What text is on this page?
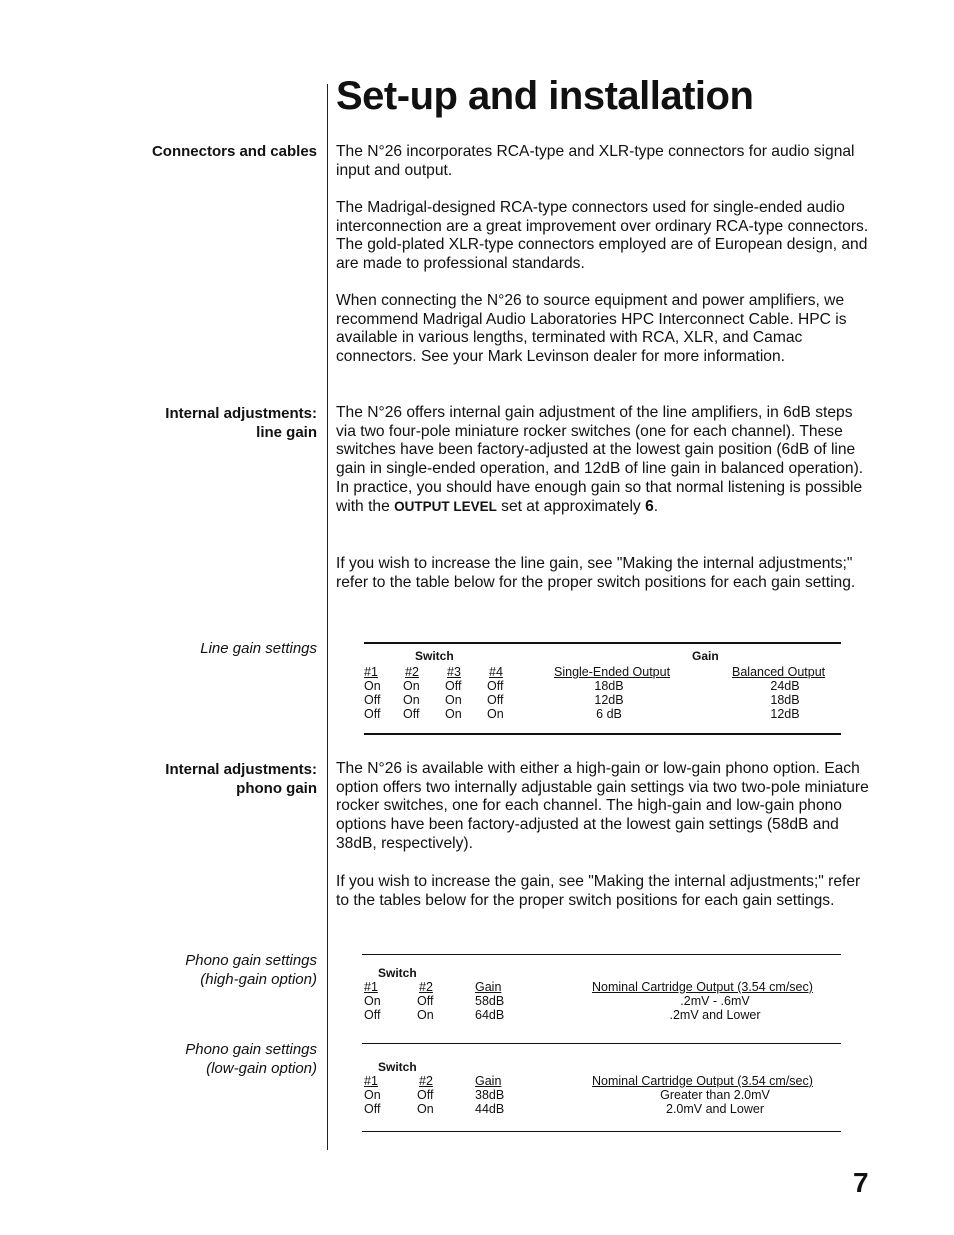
Set-up and installation
Connectors and cables The N°26 incorporates RCA-type and XLR-type connectors for audio signal input and output.
The Madrigal-designed RCA-type connectors used for single-ended audio interconnection are a great improvement over ordinary RCA-type connectors. The gold-plated XLR-type connectors employed are of European design, and are made to professional standards.
When connecting the N°26 to source equipment and power amplifiers, we recommend Madrigal Audio Laboratories HPC Interconnect Cable. HPC is available in various lengths, terminated with RCA, XLR, and Camac connectors. See your Mark Levinson dealer for more information.
Internal adjustments:
line gain
The N°26 offers internal gain adjustment of the line amplifiers, in 6dB steps via two four-pole miniature rocker switches (one for each channel). These switches have been factory-adjusted at the lowest gain position (6dB of line gain in single-ended operation, and 12dB of line gain in balanced operation). In practice, you should have enough gain so that normal listening is possible with the OUTPUT LEVEL set at approximately 6.
If you wish to increase the line gain, see "Making the internal adjustments;" refer to the table below for the proper switch positions for each gain setting.
Line gain settings	Switch	Gain
#1 #2 #3 #4	Single-Ended Output	Balanced Output
On On Off Off	18dB	24dB
Off On On Off	12dB	18dB
Off Off On On	6 dB	12dB
Internal adjustments:
phono gain
The N°26 is available with either a high-gain or low-gain phono option. Each option offers two internally adjustable gain settings via two two-pole miniature rocker switches, one for each channel. The high-gain and low-gain phono options have been factory-adjusted at the lowest gain settings (58dB and 38dB, respectively).
If you wish to increase the gain, see "Making the internal adjustments;" refer to the tables below for the proper switch positions for each gain settings.
Phono gain settings
(high-gain option)	Switch
#1	#2	Gain	Nominal Cartridge Output (3.54 cm/sec)
On	Off	58dB	.2mV - .6mV
Off	On	64dB	.2mV and Lower
Phono gain settings
(low-gain option)	Switch
#1	#2	Gain	Nominal Cartridge Output (3.54 cm/sec)
On	Off	38dB	Greater than 2.0mV
Off	On	44dB	2.0mV and Lower
7
